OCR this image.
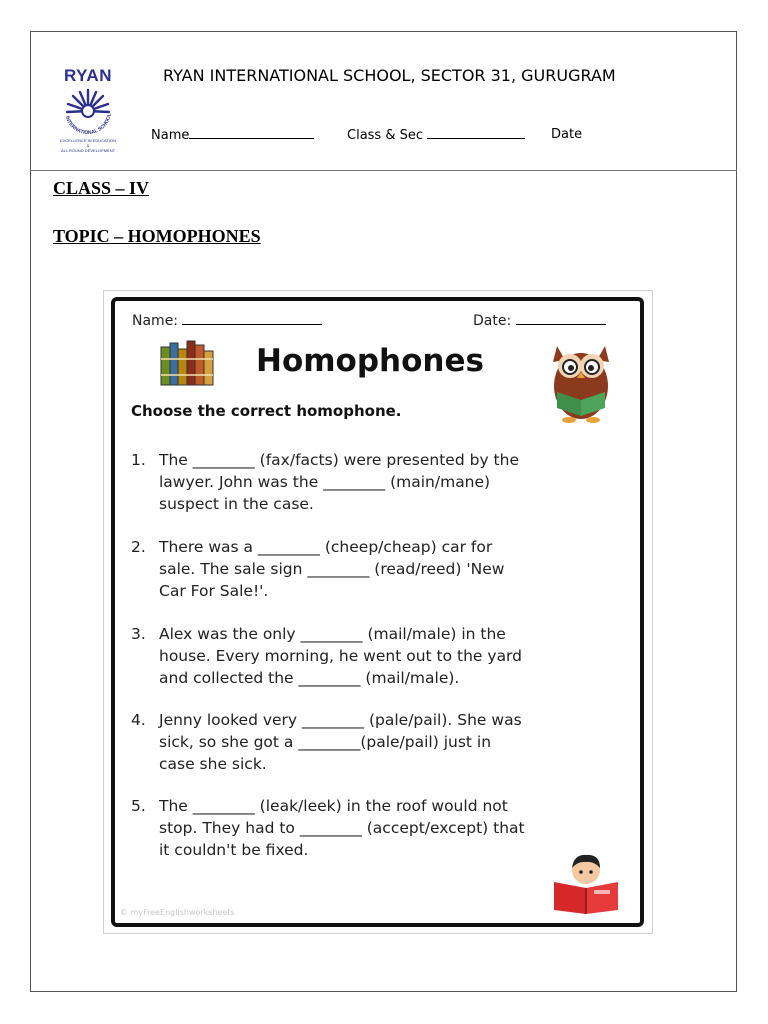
RYAN
INTERNATIONAL SCHOOL
EXCELLENCE IN EDUCATION
&
ALL ROUND DEVELOPMENT
RYAN INTERNATIONAL SCHOOL, SECTOR 31, GURUGRAM
Name	Class & Sec	Date
CLASS – IV
TOPIC – HOMOPHONES
Name:	Date:
Homophones
Choose the correct homophone.
1. The ________ (fax/facts) were presented by the
lawyer. John was the ________ (main/mane)
suspect in the case.
2. There was a ________ (cheep/cheap) car for
sale. The sale sign ________ (read/reed) 'New
Car For Sale!'.
3. Alex was the only ________ (mail/male) in the
house. Every morning, he went out to the yard
and collected the ________ (mail/male).
4. Jenny looked very ________ (pale/pail). She was
sick, so she got a ________(pale/pail) just in
case she sick.
5. The ________ (leak/leek) in the roof would not
stop. They had to ________ (accept/except) that
it couldn't be fixed.
© myFreeEnglishworksheets
